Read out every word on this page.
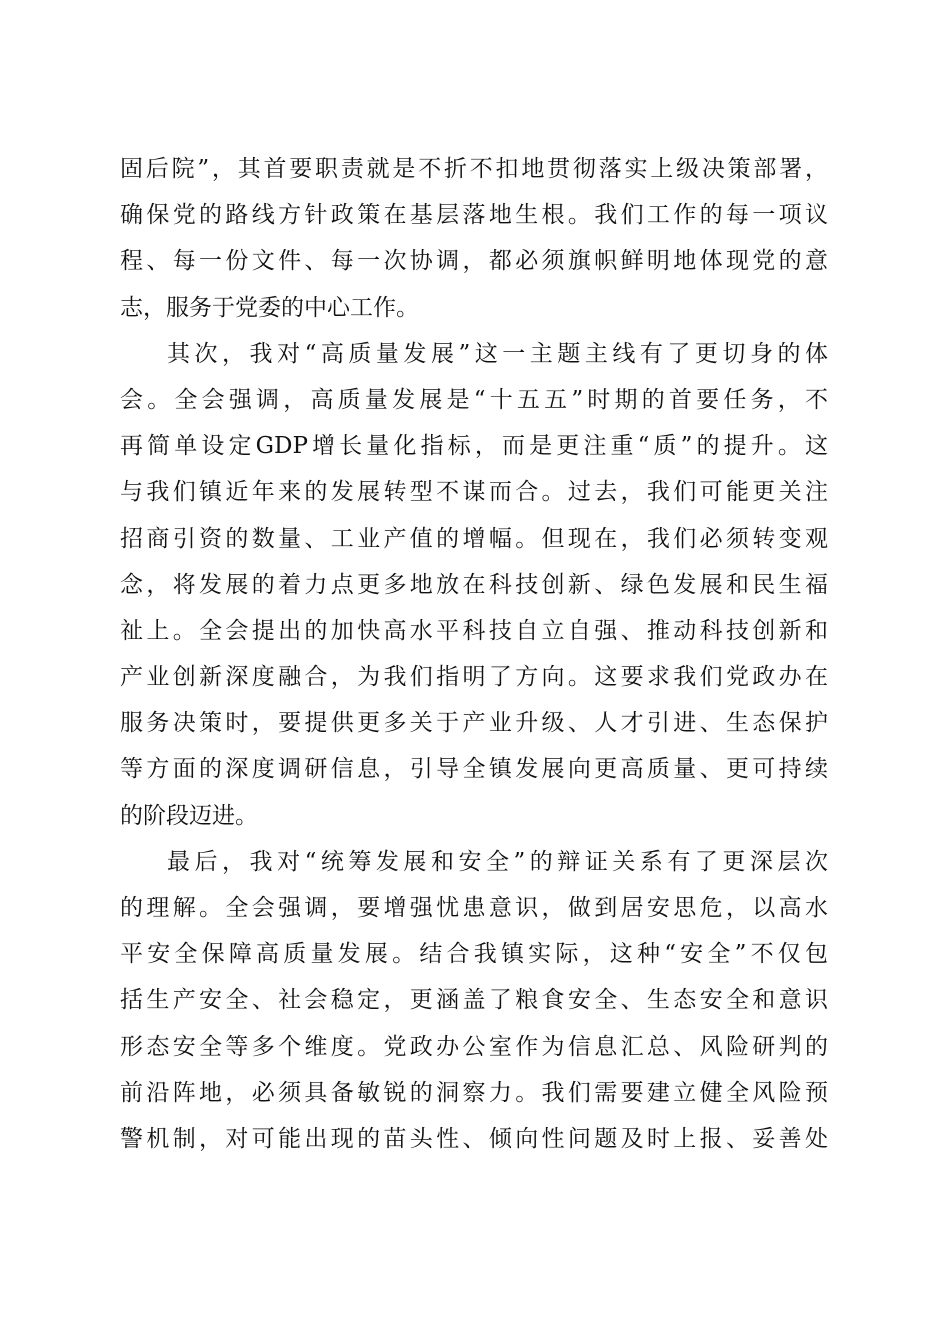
固后院”，其首要职责就是不折不扣地贯彻落实上级决策部署，
确保党的路线方针政策在基层落地生根。我们工作的每一项议
程、每一份文件、每一次协调，都必须旗帜鲜明地体现党的意
志，服务于党委的中心工作。
其次，我对“高质量发展”这一主题主线有了更切身的体
会。全会强调，高质量发展是“十五五”时期的首要任务，不
再简单设定GDP增长量化指标，而是更注重“质”的提升。这
与我们镇近年来的发展转型不谋而合。过去，我们可能更关注
招商引资的数量、工业产值的增幅。但现在，我们必须转变观
念，将发展的着力点更多地放在科技创新、绿色发展和民生福
祉上。全会提出的加快高水平科技自立自强、推动科技创新和
产业创新深度融合，为我们指明了方向。这要求我们党政办在
服务决策时，要提供更多关于产业升级、人才引进、生态保护
等方面的深度调研信息，引导全镇发展向更高质量、更可持续
的阶段迈进。
最后，我对“统筹发展和安全”的辩证关系有了更深层次
的理解。全会强调，要增强忧患意识，做到居安思危，以高水
平安全保障高质量发展。结合我镇实际，这种“安全”不仅包
括生产安全、社会稳定，更涵盖了粮食安全、生态安全和意识
形态安全等多个维度。党政办公室作为信息汇总、风险研判的
前沿阵地，必须具备敏锐的洞察力。我们需要建立健全风险预
警机制，对可能出现的苗头性、倾向性问题及时上报、妥善处
